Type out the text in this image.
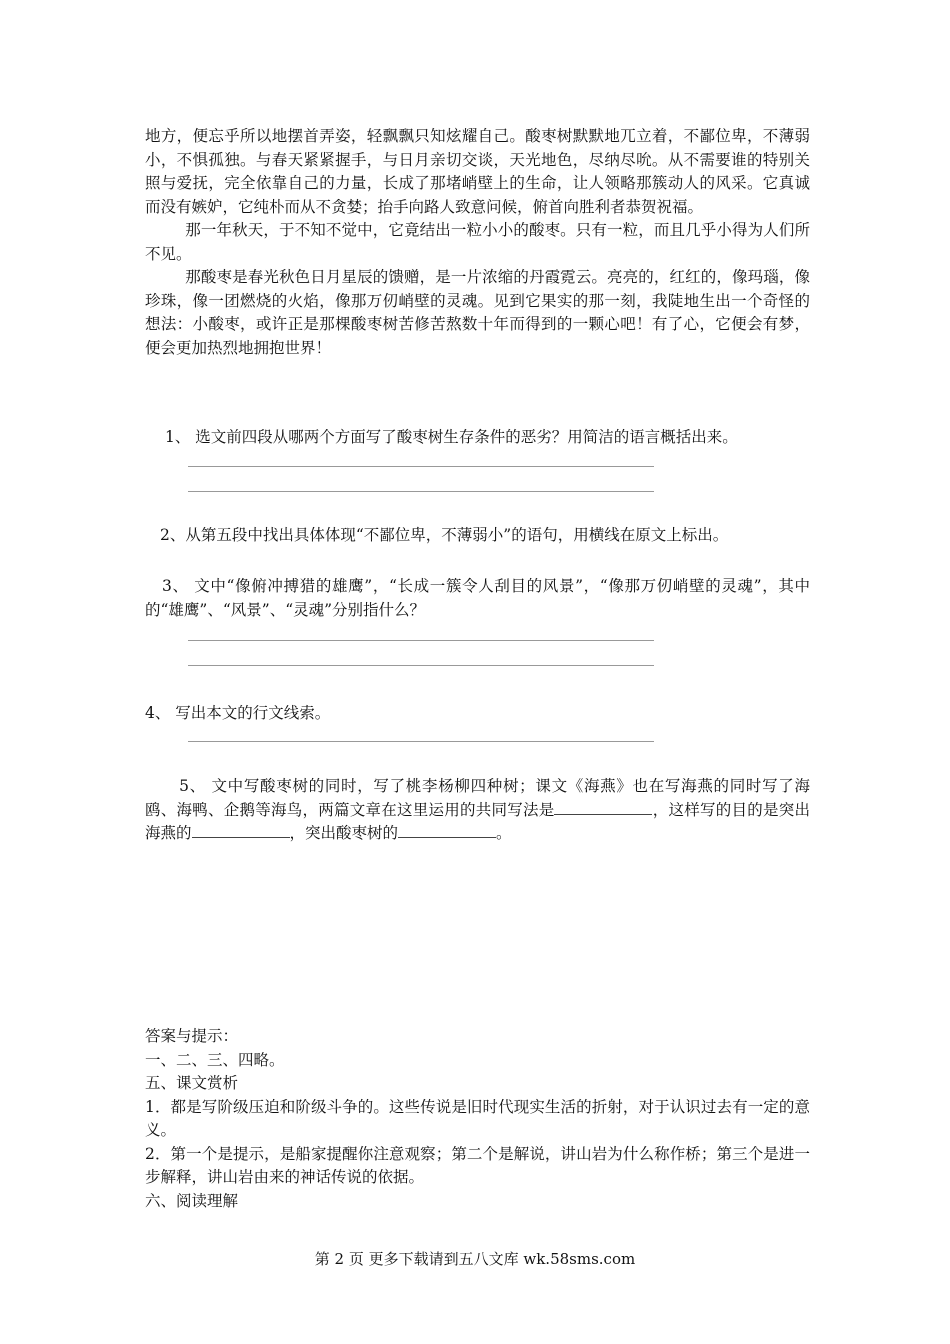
地方，便忘乎所以地摆首弄姿，轻飘飘只知炫耀自己。酸枣树默默地兀立着，不鄙位卑，不薄弱小，不惧孤独。与春天紧紧握手，与日月亲切交谈，天光地色，尽纳尽吮。从不需要谁的特别关照与爱抚，完全依靠自己的力量，长成了那堵峭壁上的生命，让人领略那簇动人的风采。它真诚而没有嫉妒，它纯朴而从不贪婪；抬手向路人致意问候，俯首向胜利者恭贺祝福。

那一年秋天，于不知不觉中，它竟结出一粒小小的酸枣。只有一粒，而且几乎小得为人们所不见。

那酸枣是春光秋色日月星辰的馈赠，是一片浓缩的丹霞霓云。亮亮的，红红的，像玛瑙，像珍珠，像一团燃烧的火焰，像那万仞峭壁的灵魂。见到它果实的那一刻，我陡地生出一个奇怪的想法：小酸枣，或许正是那棵酸枣树苦修苦熬数十年而得到的一颗心吧！有了心，它便会有梦，便会更加热烈地拥抱世界！

1、 选文前四段从哪两个方面写了酸枣树生存条件的恶劣？用简洁的语言概括出来。

2、从第五段中找出具体体现“不鄙位卑，不薄弱小”的语句，用横线在原文上标出。

3、 文中“像俯冲搏猎的雄鹰”，“长成一簇令人刮目的风景”，“像那万仞峭壁的灵魂”，其中的“雄鹰”、“风景”、“灵魂”分别指什么？

4、 写出本文的行文线索。

5、 文中写酸枣树的同时，写了桃李杨柳四种树；课文《海燕》也在写海燕的同时写了海鸥、海鸭、企鹅等海鸟，两篇文章在这里运用的共同写法是	，这样写的目的是突出海燕的	，突出酸枣树的	。

答案与提示：

一、二、三、四略。

五、课文赏析

1．都是写阶级压迫和阶级斗争的。这些传说是旧时代现实生活的折射，对于认识过去有一定的意义。

2．第一个是提示，是船家提醒你注意观察；第二个是解说，讲山岩为什么称作桥；第三个是进一步解释，讲山岩由来的神话传说的依据。

六、阅读理解

第 2 页 更多下载请到五八文库 wk.58sms.com
